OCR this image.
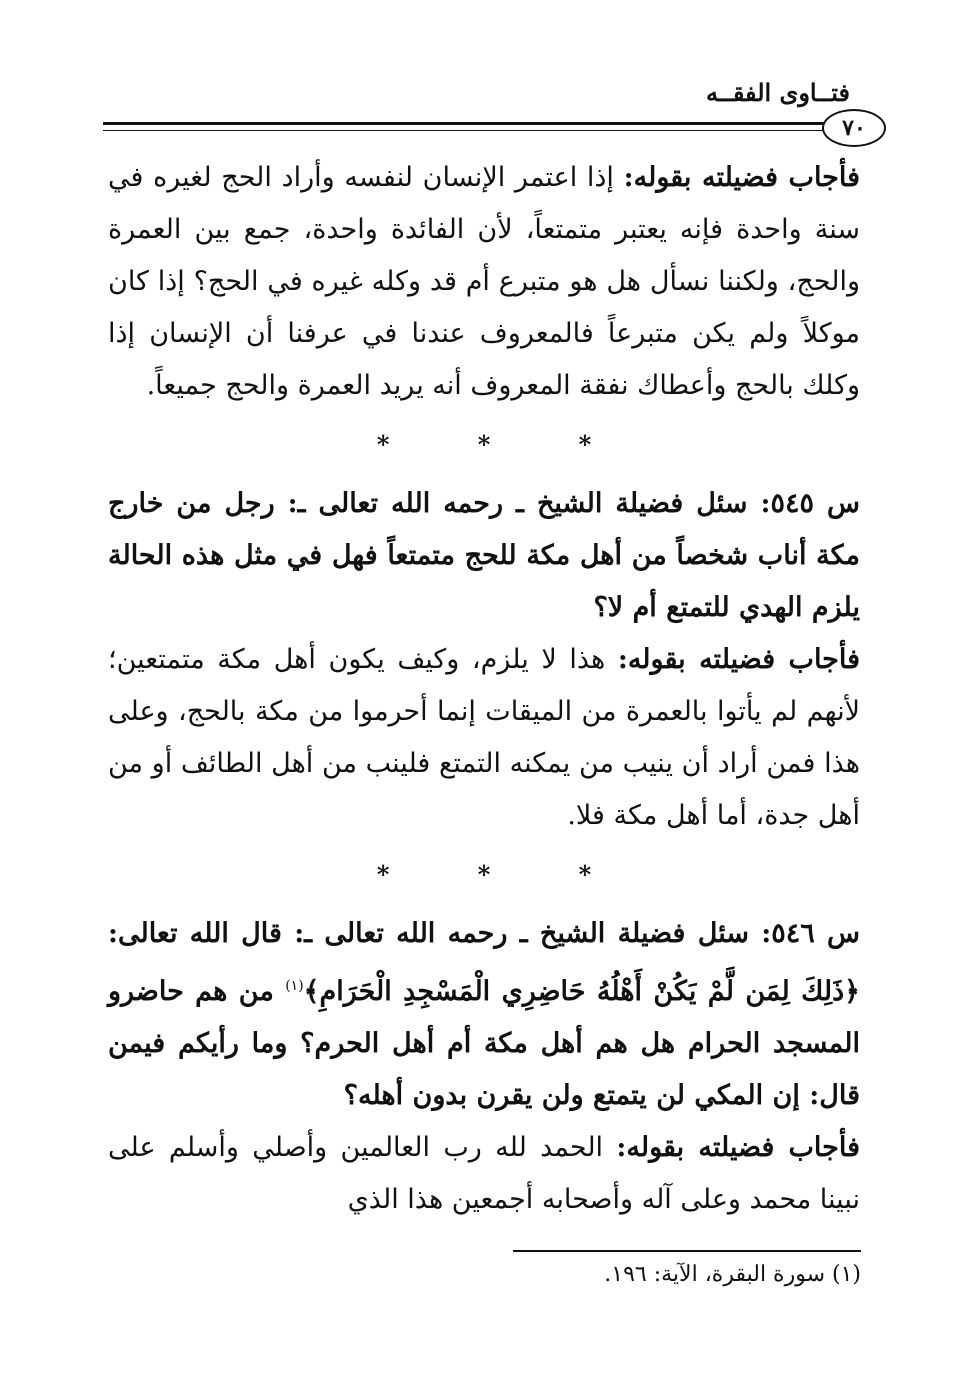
فتــاوى الفقــه
٧٠

فأجاب فضيلته بقوله: إذا اعتمر الإنسان لنفسه وأراد الحج لغيره في سنة واحدة فإنه يعتبر متمتعاً، لأن الفائدة واحدة، جمع بين العمرة والحج، ولكننا نسأل هل هو متبرع أم قد وكله غيره في الحج؟ إذا كان موكلاً ولم يكن متبرعاً فالمعروف عندنا في عرفنا أن الإنسان إذا وكلك بالحج وأعطاك نفقة المعروف أنه يريد العمرة والحج جميعاً.

* * *

س ٥٤٥: سئل فضيلة الشيخ ـ رحمه الله تعالى ـ: رجل من خارج مكة أناب شخصاً من أهل مكة للحج متمتعاً فهل في مثل هذه الحالة يلزم الهدي للتمتع أم لا؟

فأجاب فضيلته بقوله: هذا لا يلزم، وكيف يكون أهل مكة متمتعين؛ لأنهم لم يأتوا بالعمرة من الميقات إنما أحرموا من مكة بالحج، وعلى هذا فمن أراد أن ينيب من يمكنه التمتع فلينب من أهل الطائف أو من أهل جدة، أما أهل مكة فلا.

* * *

س ٥٤٦: سئل فضيلة الشيخ ـ رحمه الله تعالى ـ: قال الله تعالى: ﴿ذَلِكَ لِمَن لَّمْ يَكُنْ أَهْلُهُ حَاضِرِي الْمَسْجِدِ الْحَرَامِ﴾$^{(١)}$ من هم حاضرو المسجد الحرام هل هم أهل مكة أم أهل الحرم؟ وما رأيكم فيمن قال: إن المكي لن يتمتع ولن يقرن بدون أهله؟

فأجاب فضيلته بقوله: الحمد لله رب العالمين وأصلي وأسلم على نبينا محمد وعلى آله وأصحابه أجمعين هذا الذي

(١) سورة البقرة، الآية: ١٩٦.
